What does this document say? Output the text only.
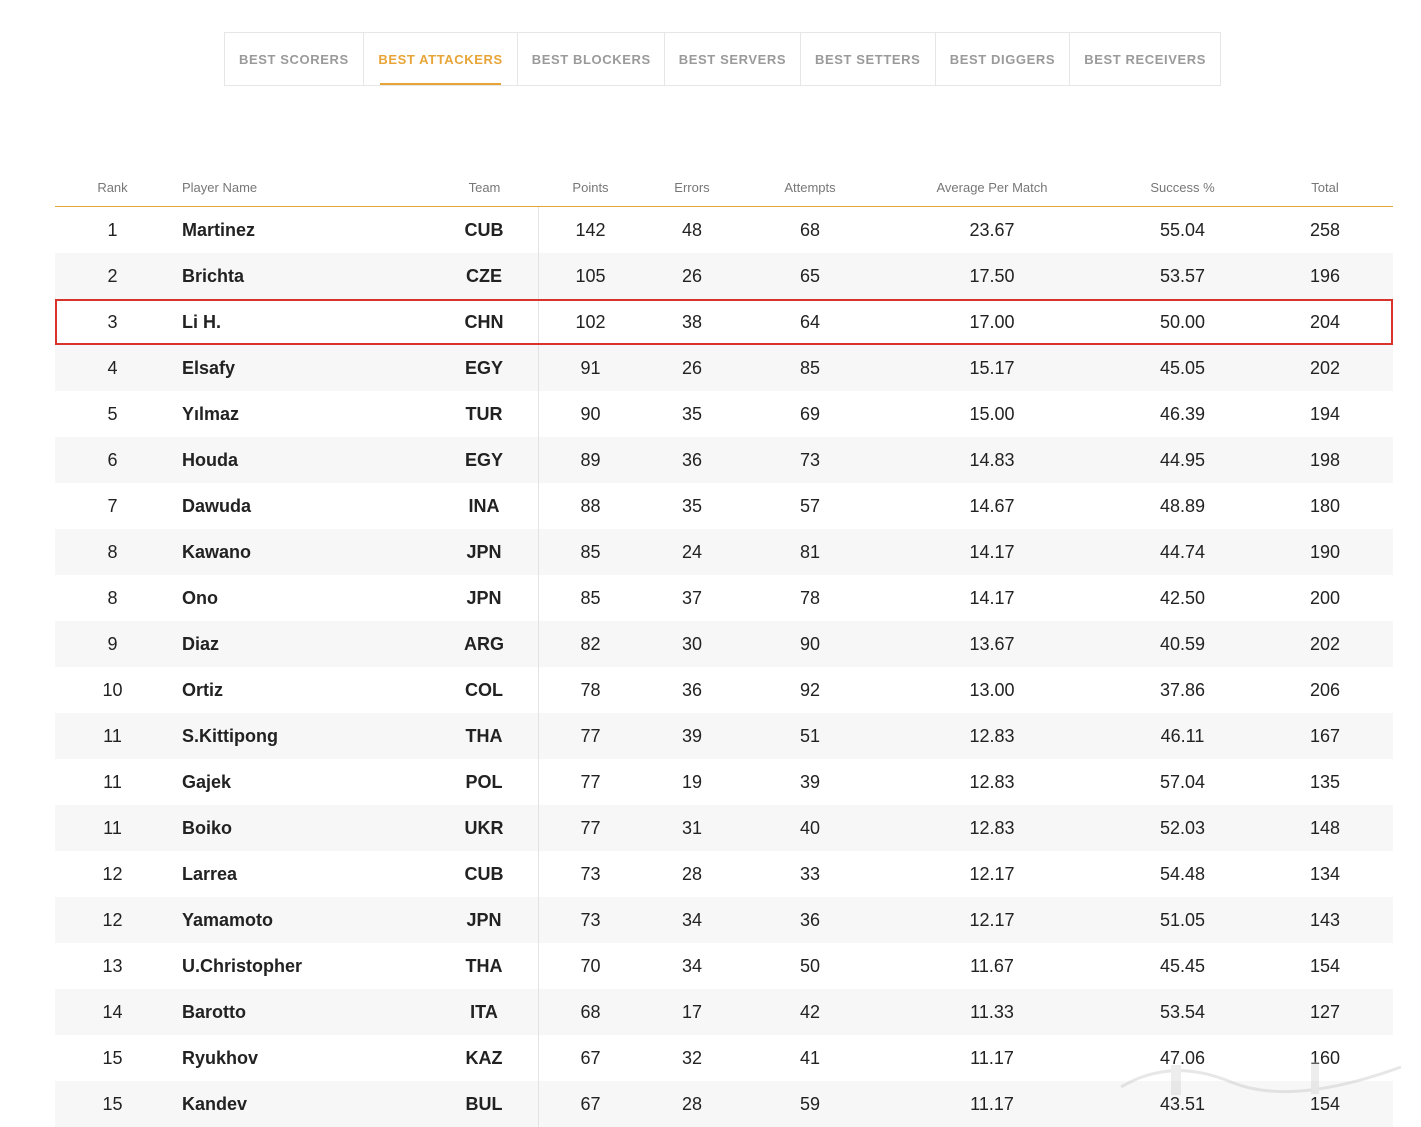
BEST SCORERS	BEST ATTACKERS	BEST BLOCKERS	BEST SERVERS	BEST SETTERS	BEST DIGGERS	BEST RECEIVERS
Rank	Player Name	Team	Points	Errors	Attempts	Average Per Match	Success %	Total
1	Martinez	CUB	142	48	68	23.67	55.04	258
2	Brichta	CZE	105	26	65	17.50	53.57	196
3	Li H.	CHN	102	38	64	17.00	50.00	204
4	Elsafy	EGY	91	26	85	15.17	45.05	202
5	Yılmaz	TUR	90	35	69	15.00	46.39	194
6	Houda	EGY	89	36	73	14.83	44.95	198
7	Dawuda	INA	88	35	57	14.67	48.89	180
8	Kawano	JPN	85	24	81	14.17	44.74	190
8	Ono	JPN	85	37	78	14.17	42.50	200
9	Diaz	ARG	82	30	90	13.67	40.59	202
10	Ortiz	COL	78	36	92	13.00	37.86	206
11	S.Kittipong	THA	77	39	51	12.83	46.11	167
11	Gajek	POL	77	19	39	12.83	57.04	135
11	Boiko	UKR	77	31	40	12.83	52.03	148
12	Larrea	CUB	73	28	33	12.17	54.48	134
12	Yamamoto	JPN	73	34	36	12.17	51.05	143
13	U.Christopher	THA	70	34	50	11.67	45.45	154
14	Barotto	ITA	68	17	42	11.33	53.54	127
15	Ryukhov	KAZ	67	32	41	11.17	47.06	160
15	Kandev	BUL	67	28	59	11.17	43.51	154
